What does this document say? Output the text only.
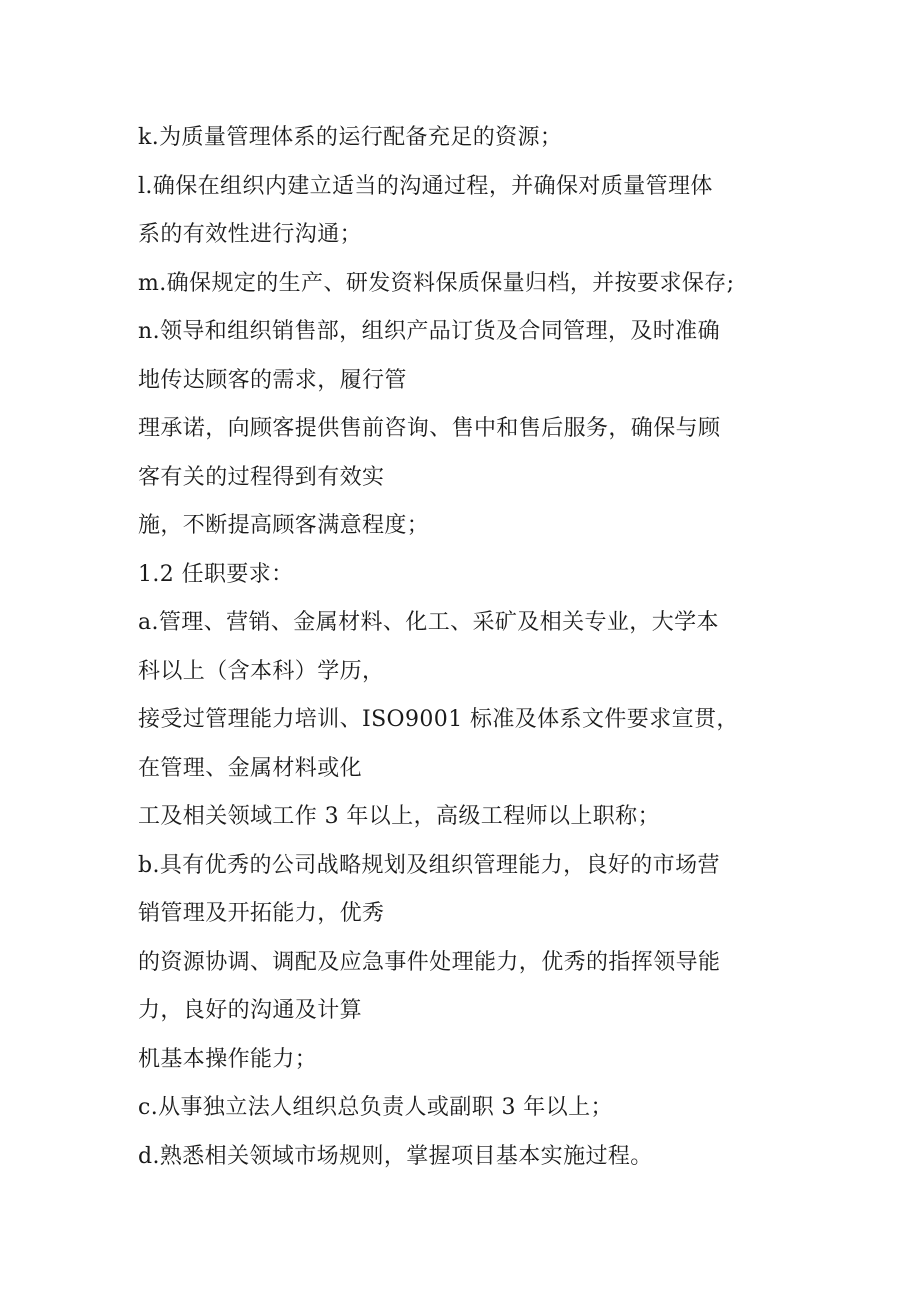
k.为质量管理体系的运行配备充足的资源；
l.确保在组织内建立适当的沟通过程，并确保对质量管理体
系的有效性进行沟通；
m.确保规定的生产、研发资料保质保量归档，并按要求保存;
n.领导和组织销售部，组织产品订货及合同管理，及时准确
地传达顾客的需求，履行管
理承诺，向顾客提供售前咨询、售中和售后服务，确保与顾
客有关的过程得到有效实
施，不断提高顾客满意程度；
1.2 任职要求：
a.管理、营销、金属材料、化工、采矿及相关专业，大学本
科以上（含本科）学历，
接受过管理能力培训、ISO9001 标准及体系文件要求宣贯，
在管理、金属材料或化
工及相关领域工作 3 年以上，高级工程师以上职称；
b.具有优秀的公司战略规划及组织管理能力，良好的市场营
销管理及开拓能力，优秀
的资源协调、调配及应急事件处理能力，优秀的指挥领导能
力，良好的沟通及计算
机基本操作能力；
c.从事独立法人组织总负责人或副职 3 年以上；
d.熟悉相关领域市场规则，掌握项目基本实施过程。
